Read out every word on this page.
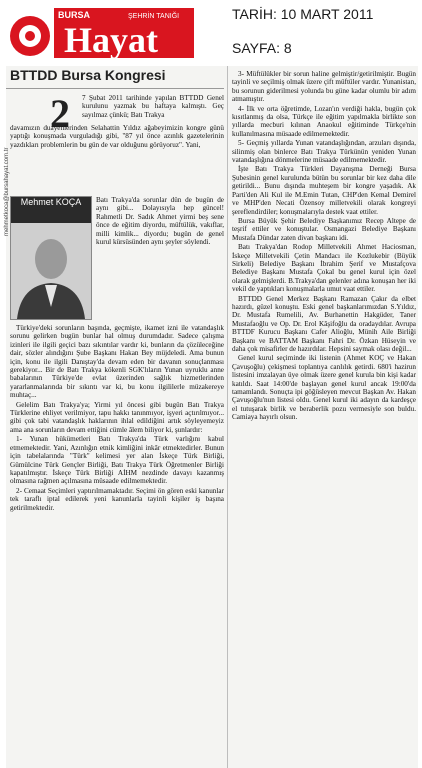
BURSA	ŞEHRİN TANIĞI
Hayat
TARİH: 10 MART 2011
SAYFA: 8
BTTDD Bursa Kongresi
2 7 Şubat 2011 tarihinde yapılan BTTDD Genel kurulunu yazmak bu haftaya kalmıştı. Geç sayılmaz çünkü; Batı Trakya
davamızın duayenlerinden Selahattin Yıldız ağabeyimizin kongre günü yaptığı konuşmada vurguladığı gibi, "87 yıl önce azınlık gazetelerinin yazdıkları problemlerin bu gün de var olduğunu görüyoruz". Yani,
Mehmet KOÇA
mehmetkoca@bursahayat.com.tr	Batı Trakya'da sorunlar dün de bugün de aynı gibi... Dolayısıyla hep güncel! Rahmetli Dr. Sadık Ahmet yirmi beş sene önce de eğitim diyordu, müftülük, vakıflar, milli kimlik... diyordu; bugün de genel kurul kürsüsünden aynı şeyler söylendi.

Türkiye'deki sorunların başında, geçmişte, ikamet izni ile vatandaşlık sorunu gelirken bugün bunlar hal olmuş durumdadır. Sadece çalışma izinleri ile ilgili geçici bazı sıkıntılar vardır ki, bunların da çözüleceğine dair, sözler alındığını Şube Başkanı Hakan Bey müjdeledi. Ama bunun için, konu ile ilgili Danıştay'da devam eden bir davanın sonuçlanması gerekiyor... Bir de Batı Trakya kökenli SGK'lıların Yunan uyruklu anne babalarının Türkiye'de evlat üzerinden sağlık hizmetlerinden yararlanmalarında bir sıkıntı var ki, bu konu ilgililerle müzakereye muhtaç...

Gelelim Batı Trakya'ya; Yirmi yıl öncesi gibi bugün Batı Trakya Türklerine ehliyet verilmiyor, tapu hakkı tanınmıyor, işyeri açtırılmıyor... gibi çok tabi vatandaşlık haklarının ihlal edildiğini artık söyleyemeyiz ama ana sorunların devam ettiğini cümle âlem biliyor ki, şunlardır:

1- Yunan hükümetleri Batı Trakya'da Türk varlığını kabul etmemektedir. Yani, Azınlığın etnik kimliğini inkâr etmektedirler. Bunun için tabelalarında "Türk" kelimesi yer alan İskeçe Türk Birliği, Gümülcine Türk Gençler Birliği, Batı Trakya Türk Öğretmenler Birliği kapatılmıştır. İskeçe Türk Birliği AİHM nezdinde davayı kazanmış olmasına rağmen açılmasına müsaade edilmemektedir.

2- Cemaat Seçimleri yaptırılmamaktadır. Seçimi ön gören eski kanunlar tek taraflı iptal edilerek yeni kanunlarla tayinli kişiler iş başına getirilmektedir.

3- Müftülükler bir sorun haline gelmiştir/getirilmiştir. Bugün tayinli ve seçilmiş olmak üzere çift müftüler vardır. Yunanistan, bu sorunun giderilmesi yolunda bu güne kadar olumlu bir adım atmamıştır.

4- İlk ve orta öğretimde, Lozan'ın verdiği hakla, bugün çok kısıtlanmış da olsa, Türkçe ile eğitim yapılmakla birlikte son yıllarda mecburi kılınan Anaokul eğitiminde Türkçe'nin kullanılmasına müsaade edilmemektedir.

5- Geçmiş yıllarda Yunan vatandaşlığından, arzuları dışında, silinmiş olan binlerce Batı Trakya Türkünün yeniden Yunan vatandaşlığına dönmelerine müsaade edilmemektedir.

İşte Batı Trakya Türkleri Dayanışma Derneği Bursa Şubesinin genel kurulunda bütün bu sorunlar bir kez daha dile getirildi... Bunu dışında muhteşem bir kongre yaşadık. Ak Parti'den Ali Kul ile M.Emin Tutan, CHP'den Kemal Demirel ve MHP'den Necati Özensoy milletvekili olarak kongreyi şereflendirdiler; konuşmalarıyla destek vaat ettiler.

Bursa Büyük Şehir Belediye Başkanımız Recep Altepe de teşrif ettiler ve konuştular. Osmangazi Belediye Başkanı Mustafa Dündar zaten divan başkanı idi.

Batı Trakya'dan Rodop Milletvekili Ahmet Haciosman, İskeçe Milletvekili Çetin Mandacı ile Kozlukebir (Büyük Sirkeli) Belediye Başkanı İbrahim Şerif ve Mustafçova Belediye Başkanı Mustafa Çokal bu genel kurul için özel olarak gelmişlerdi. B.Trakya'dan gelenler adına konuşan her iki vekil de yaptıkları konuşmalarla umut vaat ettiler.

BTTDD Genel Merkez Başkanı Ramazan Çakır da elbet hazırdı, güzel konuştu. Eski genel başkanlarımızdan S.Yıldız, Dr. Mustafa Rumelili, Av. Burhanettin Hakgüder, Taner Mustafaoğlu ve Op. Dr. Erol Kâşifoğlu da oradaydılar. Avrupa BTTDF Kurucu Başkanı Cafer Alioğlu, Münih Aile Birliği Başkanı ve BATTAM Başkanı Fahri Dr. Özkan Hüseyin ve daha çok misafirler de hazırdılar. Hepsini saymak olası değil...

Genel kurul seçiminde iki listenin (Ahmet KOÇ ve Hakan Çavuşoğlu) çekişmesi toplantıya canlılık getirdi. 680'i hazirun listesini imzalayan üye olmak üzere genel kurula bin kişi kadar katıldı. Saat 14:00'de başlayan genel kurul ancak 19:00'da tamamlandı. Sonuçta ipi göğüsleyen mevcut Başkan Av. Hakan Çavuşoğlu'nun listesi oldu. Genel kurul iki adayın da kardeşçe el tutuşarak birlik ve beraberlik pozu vermesiyle son buldu. Camiaya hayırlı olsun.
